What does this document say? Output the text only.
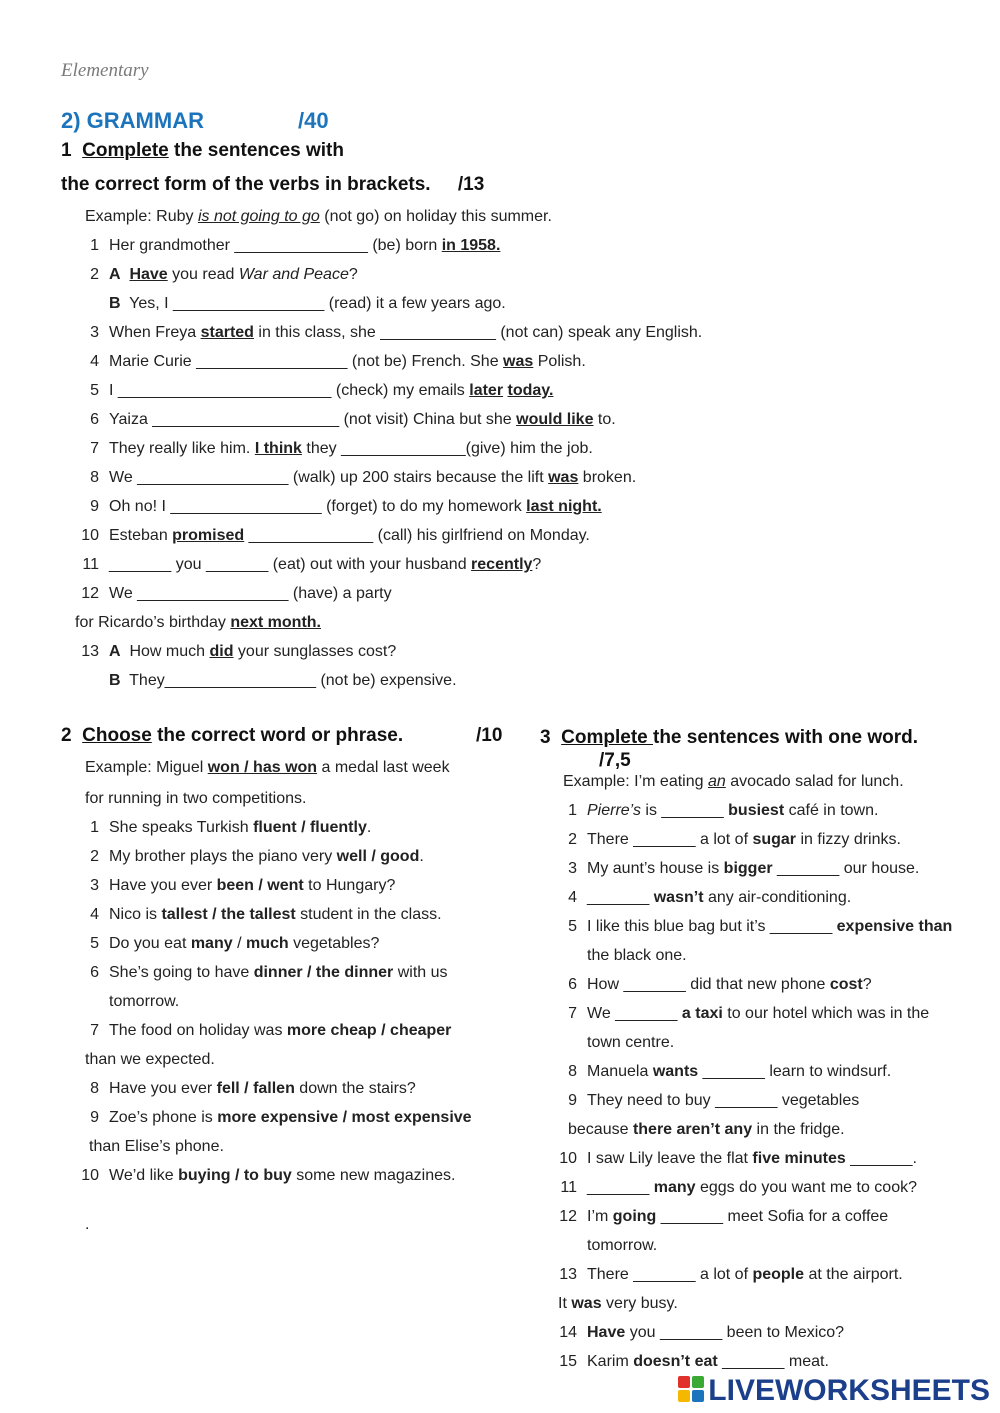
Elementary
2) GRAMMAR	/40
1 Complete the sentences with
the correct form of the verbs in brackets. /13
Example: Ruby is not going to go (not go) on holiday this summer.
1 Her grandmother _______________ (be) born in 1958.
2 A Have you read War and Peace?
B Yes, I _________________ (read) it a few years ago.
3 When Freya started in this class, she _____________ (not can) speak any English.
4 Marie Curie _________________ (not be) French. She was Polish.
5 I ________________________ (check) my emails later today.
6 Yaiza _____________________ (not visit) China but she would like to.
7 They really like him. I think they ______________(give) him the job.
8 We _________________ (walk) up 200 stairs because the lift was broken.
9 Oh no! I _________________ (forget) to do my homework last night.
10 Esteban promised ______________ (call) his girlfriend on Monday.
11 _______ you _______ (eat) out with your husband recently?
12 We _________________ (have) a party
for Ricardo’s birthday next month.
13 A How much did your sunglasses cost?
B They_________________ (not be) expensive.
2 Choose the correct word or phrase.	/10
Example: Miguel won / has won a medal last week
for running in two competitions.
1 She speaks Turkish fluent / fluently.
2 My brother plays the piano very well / good.
3 Have you ever been / went to Hungary?
4 Nico is tallest / the tallest student in the class.
5 Do you eat many / much vegetables?
6 She’s going to have dinner / the dinner with us
tomorrow.
7 The food on holiday was more cheap / cheaper
than we expected.
8 Have you ever fell / fallen down the stairs?
9 Zoe’s phone is more expensive / most expensive
than Elise’s phone.
10 We’d like buying / to buy some new magazines.
.
3 Complete the sentences with one word.
/7,5
Example: I’m eating an avocado salad for lunch.
1 Pierre’s is _______ busiest café in town.
2 There _______ a lot of sugar in fizzy drinks.
3 My aunt’s house is bigger _______ our house.
4 _______ wasn’t any air-conditioning.
5 I like this blue bag but it’s _______ expensive than
the black one.
6 How _______ did that new phone cost?
7 We _______ a taxi to our hotel which was in the
town centre.
8 Manuela wants _______ learn to windsurf.
9 They need to buy _______ vegetables
because there aren’t any in the fridge.
10 I saw Lily leave the flat five minutes _______.
11 _______ many eggs do you want me to cook?
12 I’m going _______ meet Sofia for a coffee
tomorrow.
13 There _______ a lot of people at the airport.
It was very busy.
14 Have you _______ been to Mexico?
15 Karim doesn’t eat _______ meat.
LIVEWORKSHEETS
